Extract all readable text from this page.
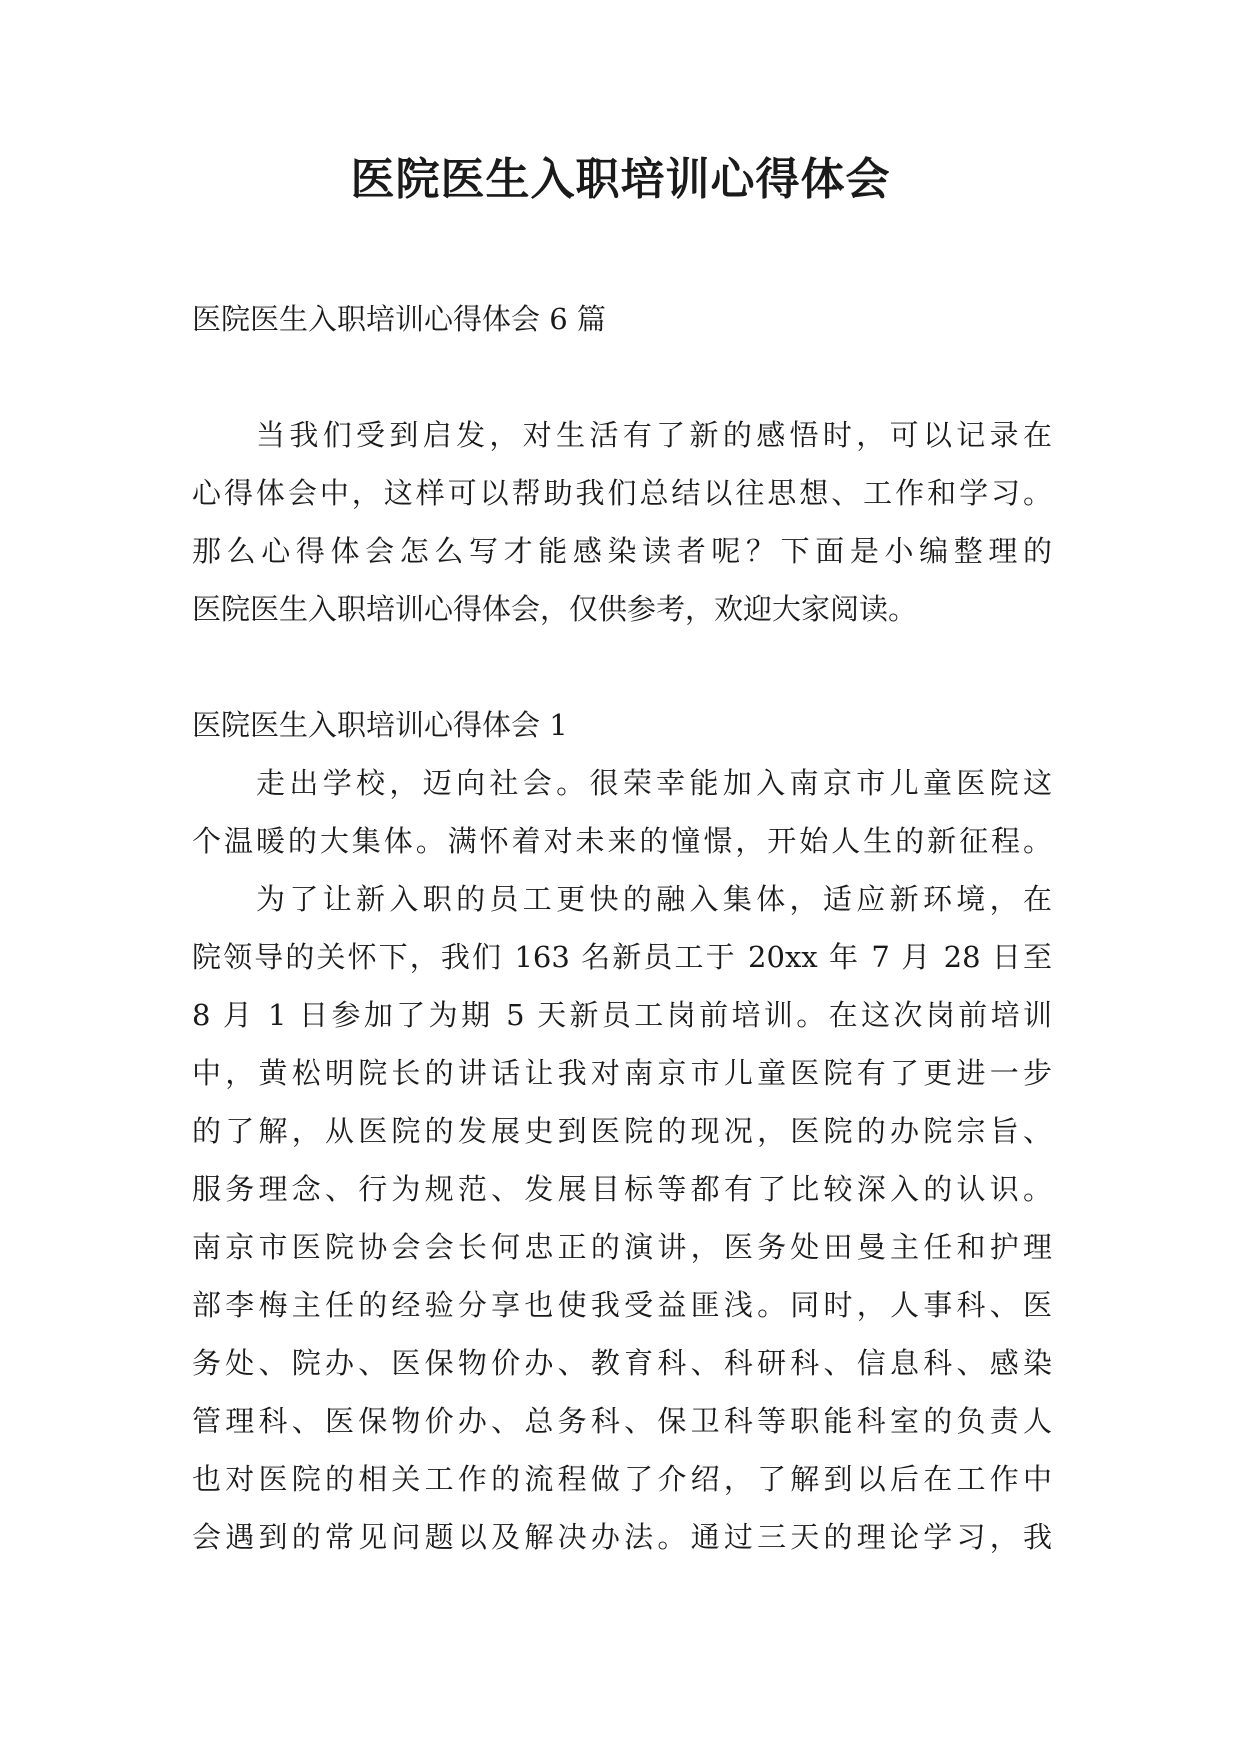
医院医生入职培训心得体会

医院医生入职培训心得体会 6 篇

当我们受到启发，对生活有了新的感悟时，可以记录在

心得体会中，这样可以帮助我们总结以往思想、工作和学习。

那么心得体会怎么写才能感染读者呢？下面是小编整理的

医院医生入职培训心得体会，仅供参考，欢迎大家阅读。

医院医生入职培训心得体会 1

走出学校，迈向社会。很荣幸能加入南京市儿童医院这

个温暖的大集体。满怀着对未来的憧憬，开始人生的新征程。

为了让新入职的员工更快的融入集体，适应新环境，在

院领导的关怀下，我们 163 名新员工于 20xx 年 7 月 28 日至

8 月 1 日参加了为期 5 天新员工岗前培训。在这次岗前培训

中，黄松明院长的讲话让我对南京市儿童医院有了更进一步

的了解，从医院的发展史到医院的现况，医院的办院宗旨、

服务理念、行为规范、发展目标等都有了比较深入的认识。

南京市医院协会会长何忠正的演讲，医务处田曼主任和护理

部李梅主任的经验分享也使我受益匪浅。同时，人事科、医

务处、院办、医保物价办、教育科、科研科、信息科、感染

管理科、医保物价办、总务科、保卫科等职能科室的负责人

也对医院的相关工作的流程做了介绍，了解到以后在工作中

会遇到的常见问题以及解决办法。通过三天的理论学习，我
